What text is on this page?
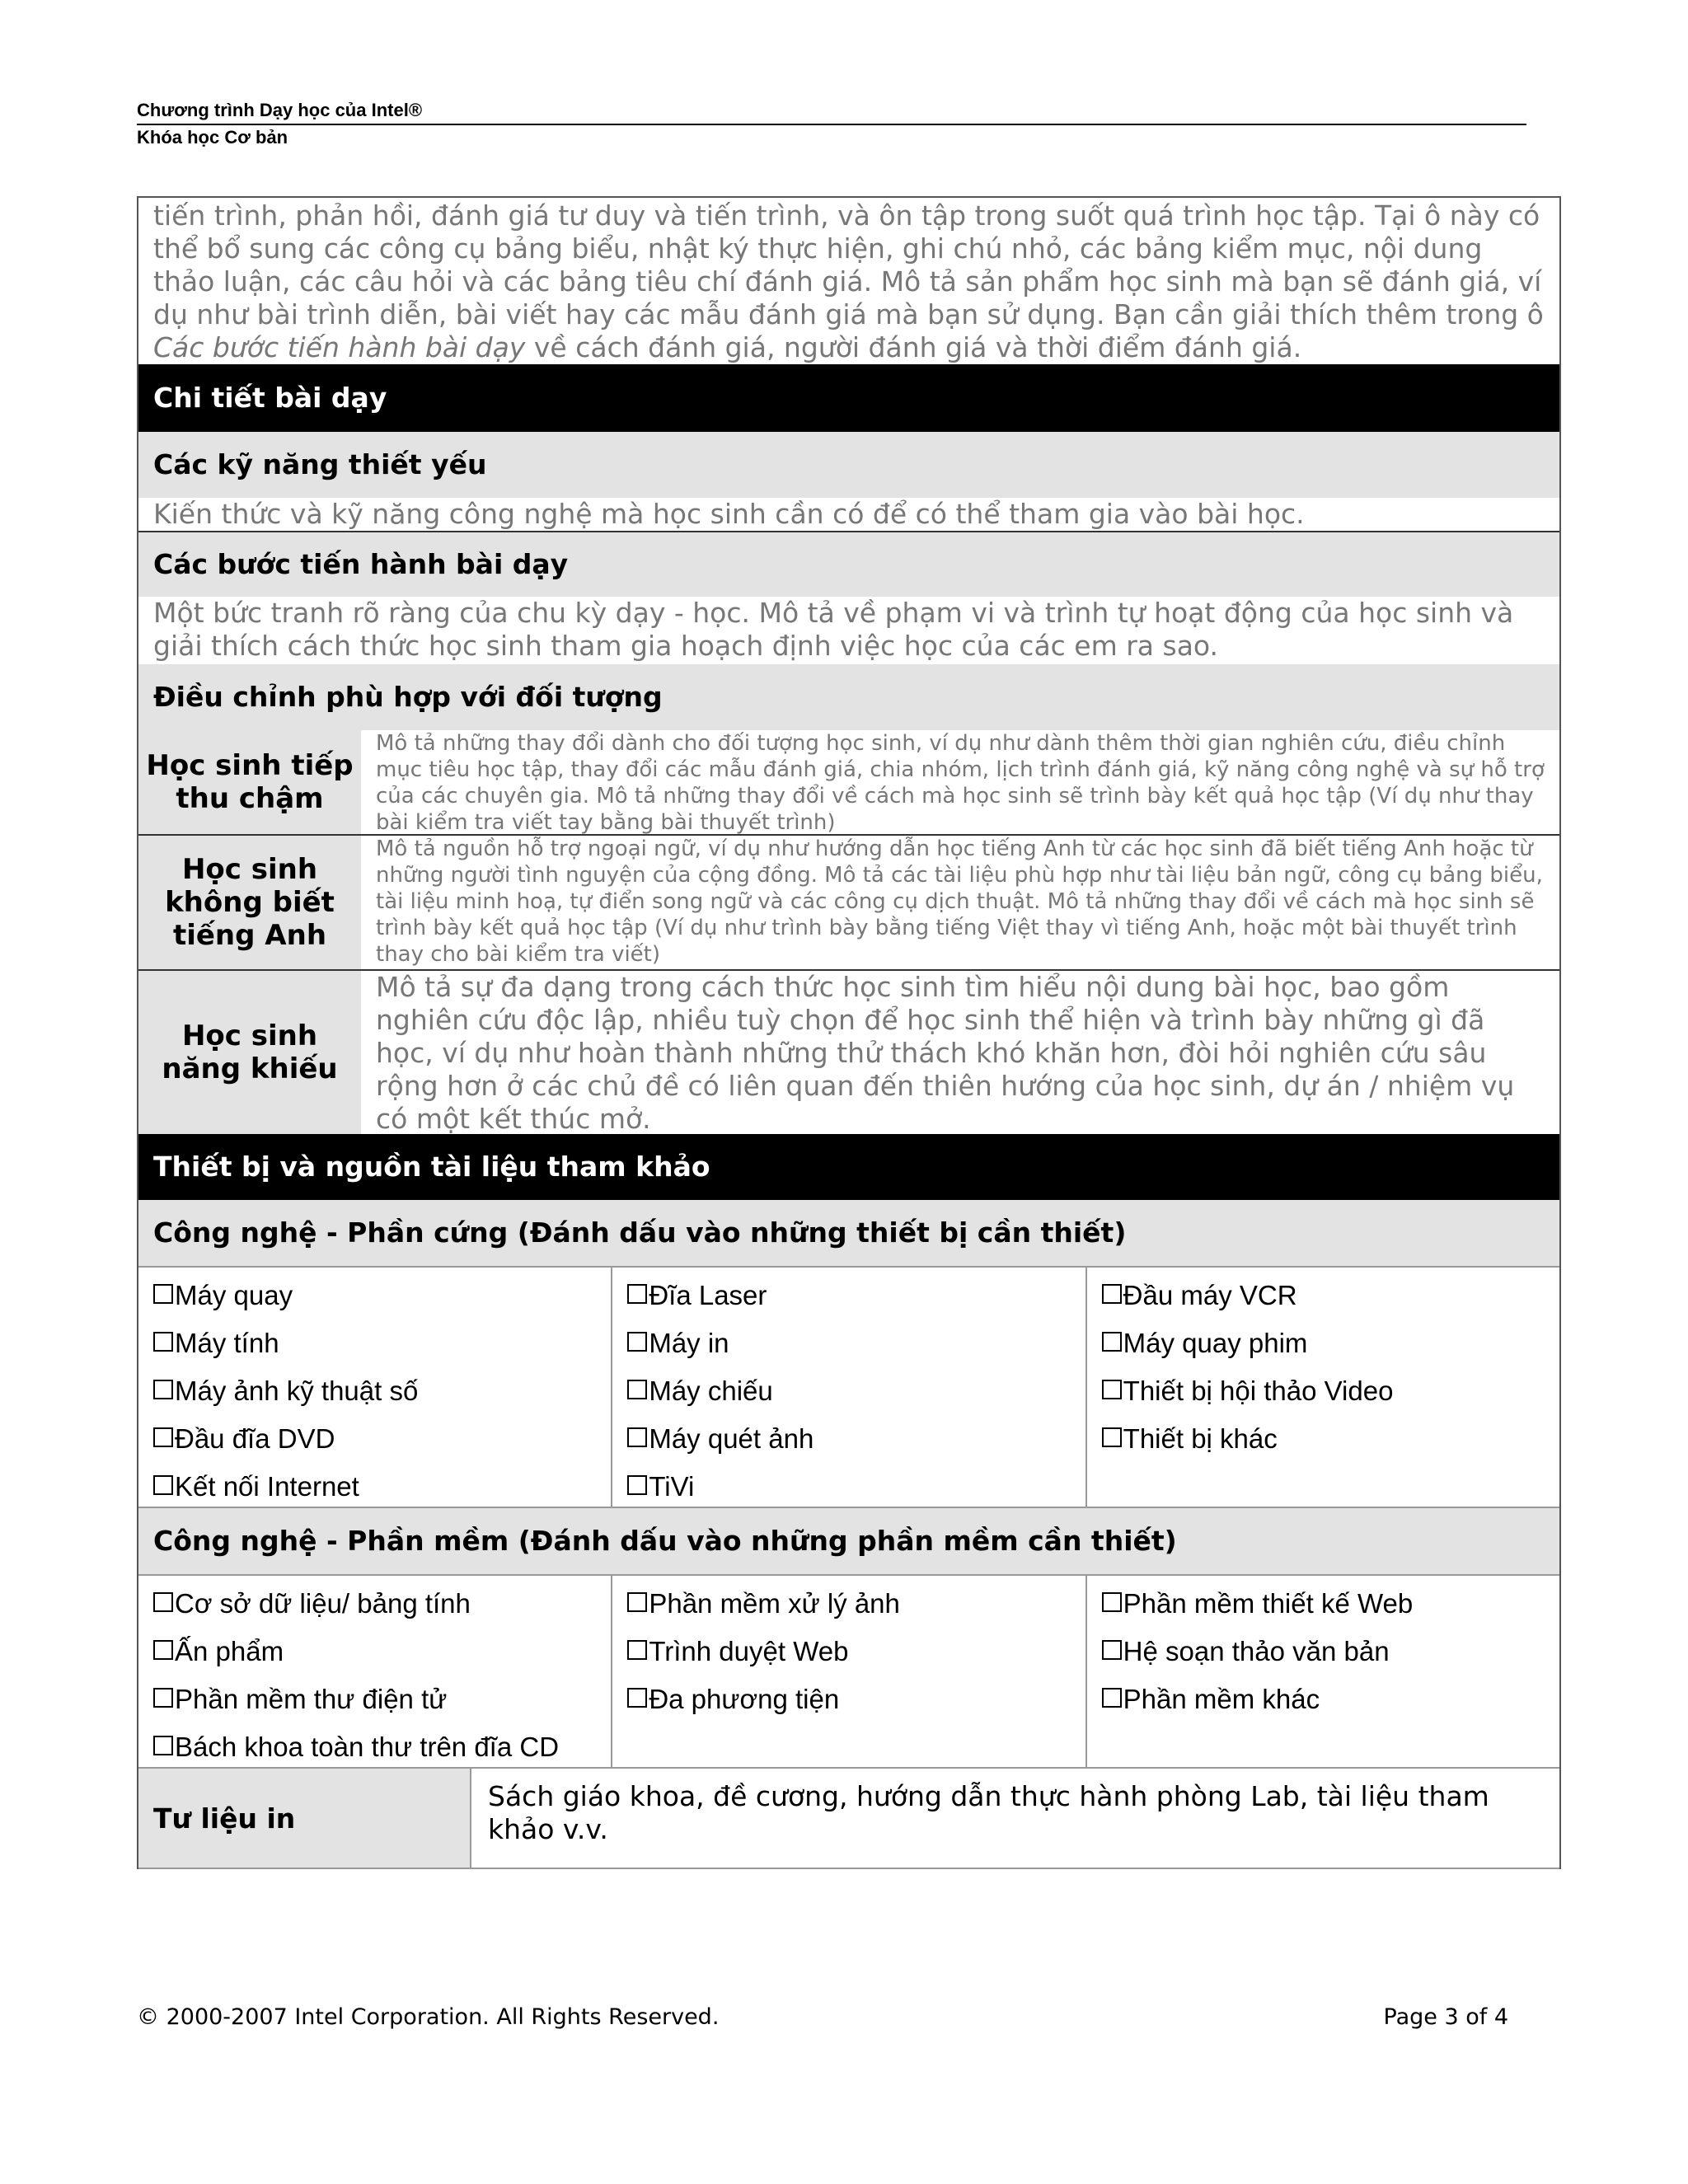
Chương trình Dạy học của Intel®
Khóa học Cơ bản
tiến trình, phản hồi, đánh giá tư duy và tiến trình, và ôn tập trong suốt quá trình học tập. Tại ô này có thể bổ sung các công cụ bảng biểu, nhật ký thực hiện, ghi chú nhỏ, các bảng kiểm mục, nội dung thảo luận, các câu hỏi và các bảng tiêu chí đánh giá. Mô tả sản phẩm học sinh mà bạn sẽ đánh giá, ví dụ như bài trình diễn, bài viết hay các mẫu đánh giá mà bạn sử dụng. Bạn cần giải thích thêm trong ô Các bước tiến hành bài dạy về cách đánh giá, người đánh giá và thời điểm đánh giá.
Chi tiết bài dạy
Các kỹ năng thiết yếu
Kiến thức và kỹ năng công nghệ mà học sinh cần có để có thể tham gia vào bài học.
Các bước tiến hành bài dạy
Một bức tranh rõ ràng của chu kỳ dạy - học. Mô tả về phạm vi và trình tự hoạt động của học sinh và giải thích cách thức học sinh tham gia hoạch định việc học của các em ra sao.
Điều chỉnh phù hợp với đối tượng
Học sinh tiếp thu chậm
Mô tả những thay đổi dành cho đối tượng học sinh, ví dụ như dành thêm thời gian nghiên cứu, điều chỉnh mục tiêu học tập, thay đổi các mẫu đánh giá, chia nhóm, lịch trình đánh giá, kỹ năng công nghệ và sự hỗ trợ của các chuyên gia. Mô tả những thay đổi về cách mà học sinh sẽ trình bày kết quả học tập (Ví dụ như thay bài kiểm tra viết tay bằng bài thuyết trình)
Học sinh không biết tiếng Anh
Mô tả nguồn hỗ trợ ngoại ngữ, ví dụ như hướng dẫn học tiếng Anh từ các học sinh đã biết tiếng Anh hoặc từ những người tình nguyện của cộng đồng. Mô tả các tài liệu phù hợp như tài liệu bản ngữ, công cụ bảng biểu, tài liệu minh hoạ, tự điển song ngữ và các công cụ dịch thuật. Mô tả những thay đổi về cách mà học sinh sẽ trình bày kết quả học tập (Ví dụ như trình bày bằng tiếng Việt thay vì tiếng Anh, hoặc một bài thuyết trình thay cho bài kiểm tra viết)
Học sinh năng khiếu
Mô tả sự đa dạng trong cách thức học sinh tìm hiểu nội dung bài học, bao gồm nghiên cứu độc lập, nhiều tuỳ chọn để học sinh thể hiện và trình bày những gì đã học, ví dụ như hoàn thành những thử thách khó khăn hơn, đòi hỏi nghiên cứu sâu rộng hơn ở các chủ đề có liên quan đến thiên hướng của học sinh, dự án / nhiệm vụ có một kết thúc mở.
Thiết bị và nguồn tài liệu tham khảo
Công nghệ - Phần cứng (Đánh dấu vào những thiết bị cần thiết)
Máy quay
Máy tính
Máy ảnh kỹ thuật số
Đầu đĩa DVD
Kết nối Internet
Đĩa Laser
Máy in
Máy chiếu
Máy quét ảnh
TiVi
Đầu máy VCR
Máy quay phim
Thiết bị hội thảo Video
Thiết bị khác
Công nghệ - Phần mềm (Đánh dấu vào những phần mềm cần thiết)
Cơ sở dữ liệu/ bảng tính
Ấn phẩm
Phần mềm thư điện tử
Bách khoa toàn thư trên đĩa CD
Phần mềm xử lý ảnh
Trình duyệt Web
Đa phương tiện
Phần mềm thiết kế Web
Hệ soạn thảo văn bản
Phần mềm khác
Tư liệu in
Sách giáo khoa, đề cương, hướng dẫn thực hành phòng Lab, tài liệu tham khảo v.v.
© 2000-2007 Intel Corporation. All Rights Reserved.	Page 3 of 4
